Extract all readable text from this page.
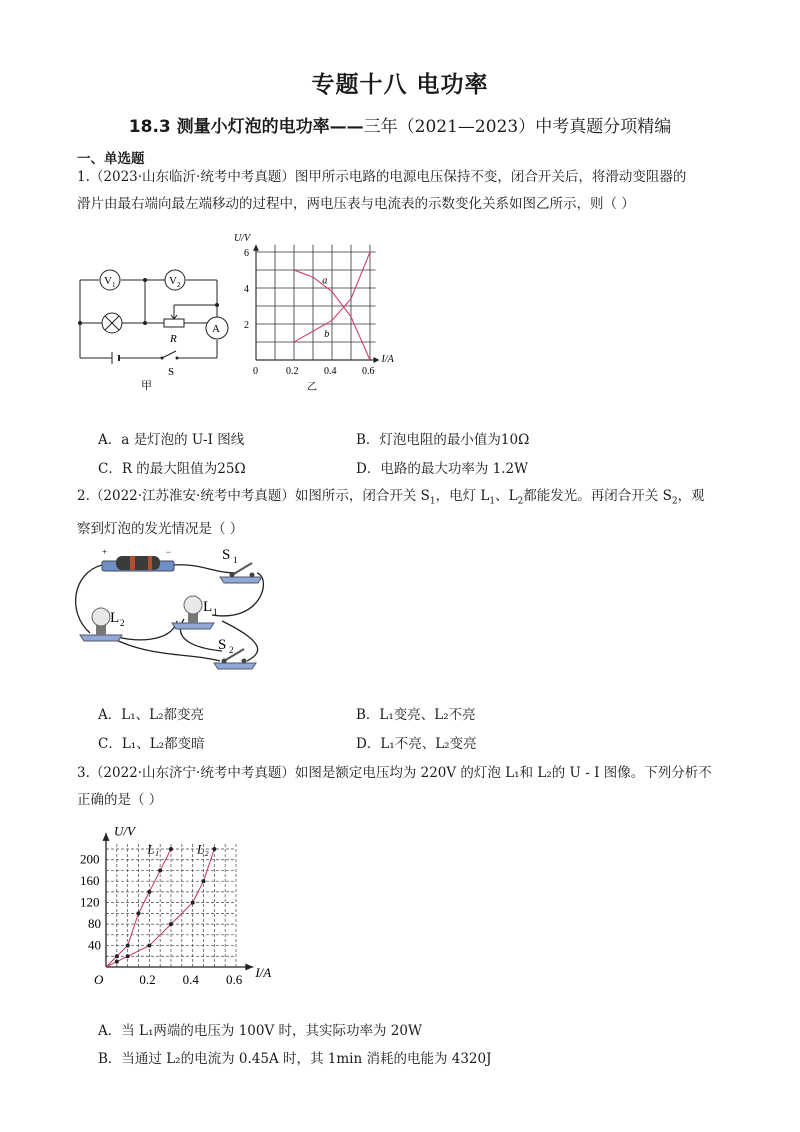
专题十八 电功率
18.3 测量小灯泡的电功率——三年（2021—2023）中考真题分项精编
一、单选题
1.（2023·山东临沂·统考中考真题）图甲所示电路的电源电压保持不变，闭合开关后，将滑动变阻器的
滑片由最右端向最左端移动的过程中，两电压表与电流表的示数变化关系如图乙所示，则（ ）
V 1	V 2
R
A
S
甲
U/V
2
4
6
0	0.2	0.4	0.6
I/A
a
b
乙
A．a 是灯泡的 U-I 图线	B．灯泡电阻的最小值为10Ω
C．R 的最大阻值为25Ω	D．电路的最大功率为 1.2W
2.（2022·江苏淮安·统考中考真题）如图所示，闭合开关 $S_1$，电灯 $L_1$、$L_2$都能发光。再闭合开关 $S_2$，观
察到灯泡的发光情况是（ ）
+	−	S 1
L 2
L 1
S 2
A．L₁、L₂都变亮	B．L₁变亮、L₂不亮
C．L₁、L₂都变暗	D．L₁不亮、L₂变亮
3.（2022·山东济宁·统考中考真题）如图是额定电压均为 220V 的灯泡 L₁和 L₂的 U - I 图像。下列分析不
正确的是（ ）
U/V
40
80
120
160
200
0.2 0.4 0.6
O	I/A
L₁	L₂
A．当 L₁两端的电压为 100V 时，其实际功率为 20W
B．当通过 L₂的电流为 0.45A 时，其 1min 消耗的电能为 4320J
